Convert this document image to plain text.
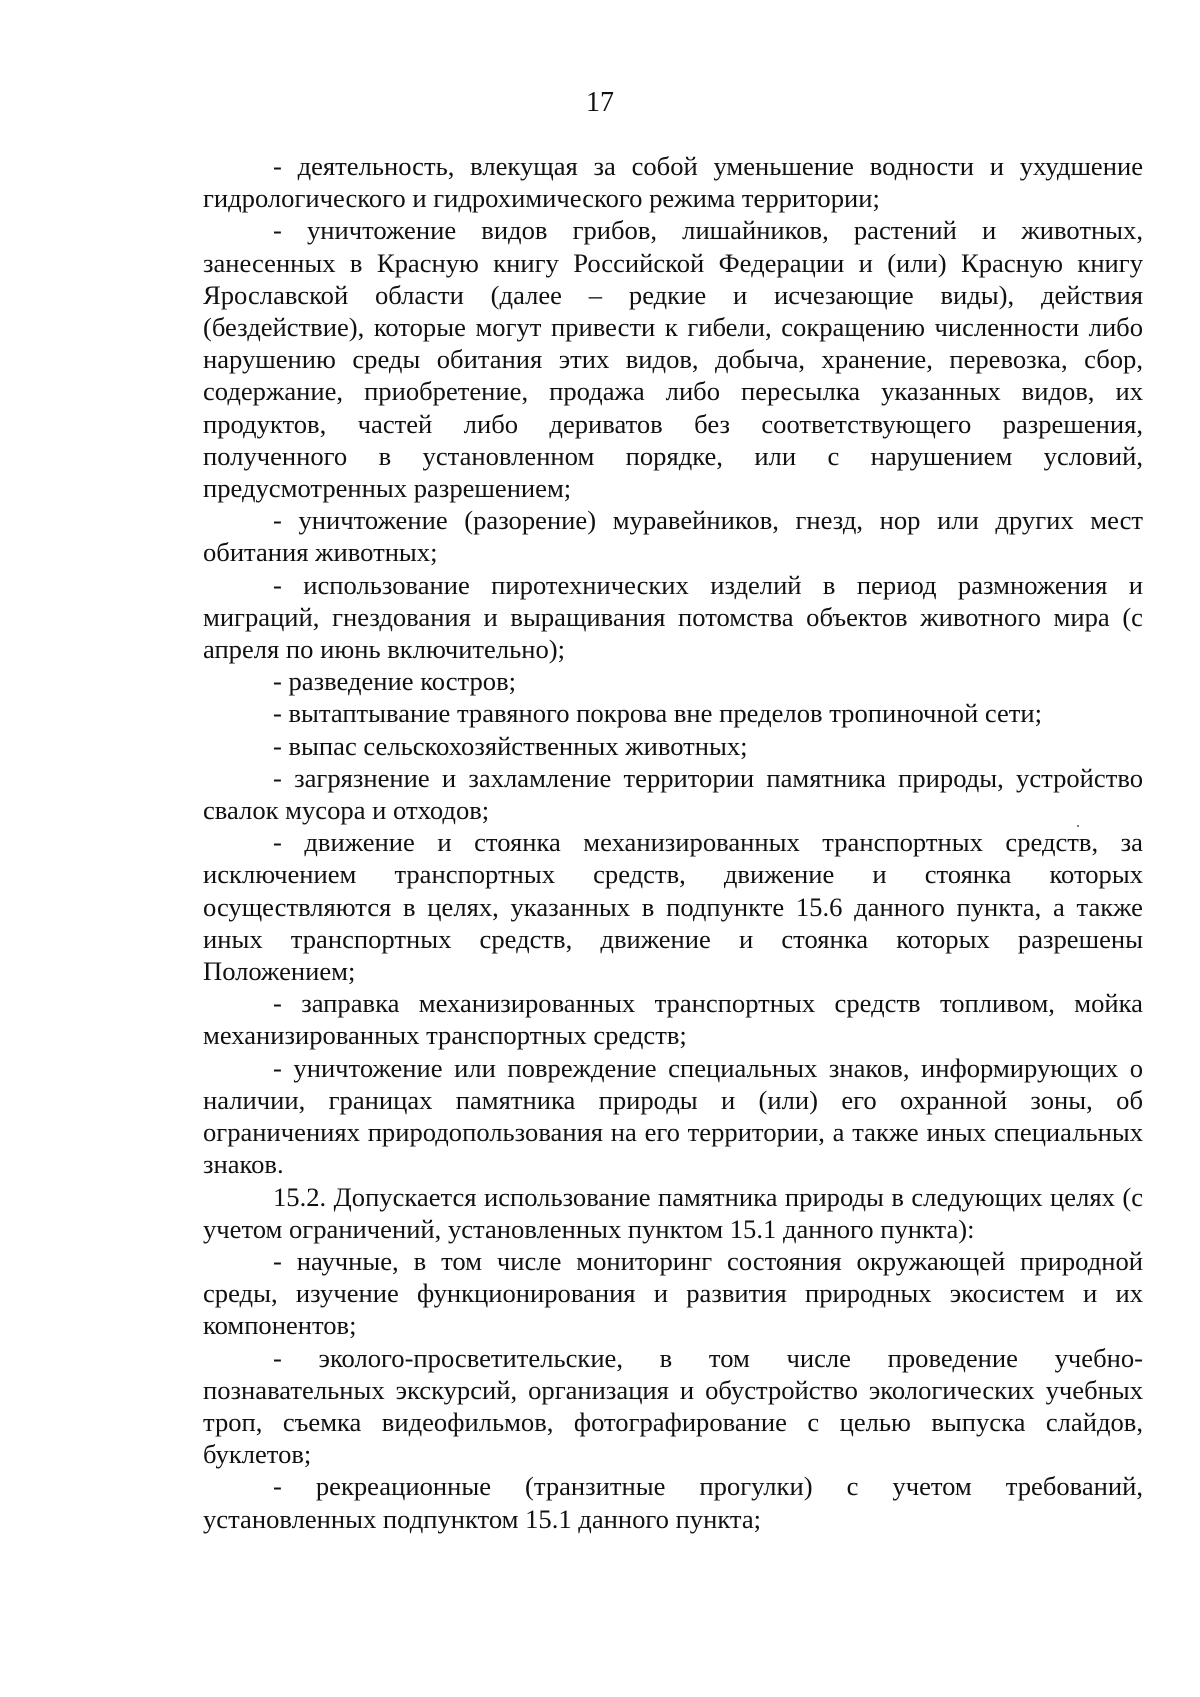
17

- деятельность, влекущая за собой уменьшение водности и ухудшение гидрологического и гидрохимического режима территории;

- уничтожение видов грибов, лишайников, растений и животных, занесенных в Красную книгу Российской Федерации и (или) Красную книгу Ярославской области (далее – редкие и исчезающие виды), действия (бездействие), которые могут привести к гибели, сокращению численности либо нарушению среды обитания этих видов, добыча, хранение, перевозка, сбор, содержание, приобретение, продажа либо пересылка указанных видов, их продуктов, частей либо дериватов без соответствующего разрешения, полученного в установленном порядке, или с нарушением условий, предусмотренных разрешением;

- уничтожение (разорение) муравейников, гнезд, нор или других мест обитания животных;

- использование пиротехнических изделий в период размножения и миграций, гнездования и выращивания потомства объектов животного мира (с апреля по июнь включительно);

- разведение костров;

- вытаптывание травяного покрова вне пределов тропиночной сети;

- выпас сельскохозяйственных животных;

- загрязнение и захламление территории памятника природы, устройство свалок мусора и отходов;

- движение и стоянка механизированных транспортных средств, за исключением транспортных средств, движение и стоянка которых осуществляются в целях, указанных в подпункте 15.6 данного пункта, а также иных транспортных средств, движение и стоянка которых разрешены Положением;

- заправка механизированных транспортных средств топливом, мойка механизированных транспортных средств;

- уничтожение или повреждение специальных знаков, информирующих о наличии, границах памятника природы и (или) его охранной зоны, об ограничениях природопользования на его территории, а также иных специальных знаков.

15.2. Допускается использование памятника природы в следующих целях (с учетом ограничений, установленных пунктом 15.1 данного пункта):

- научные, в том числе мониторинг состояния окружающей природной среды, изучение функционирования и развития природных экосистем и их компонентов;

- эколого-просветительские, в том числе проведение учебно-познавательных экскурсий, организация и обустройство экологических учебных троп, съемка видеофильмов, фотографирование с целью выпуска слайдов, буклетов;

- рекреационные (транзитные прогулки) с учетом требований, установленных подпунктом 15.1 данного пункта;
